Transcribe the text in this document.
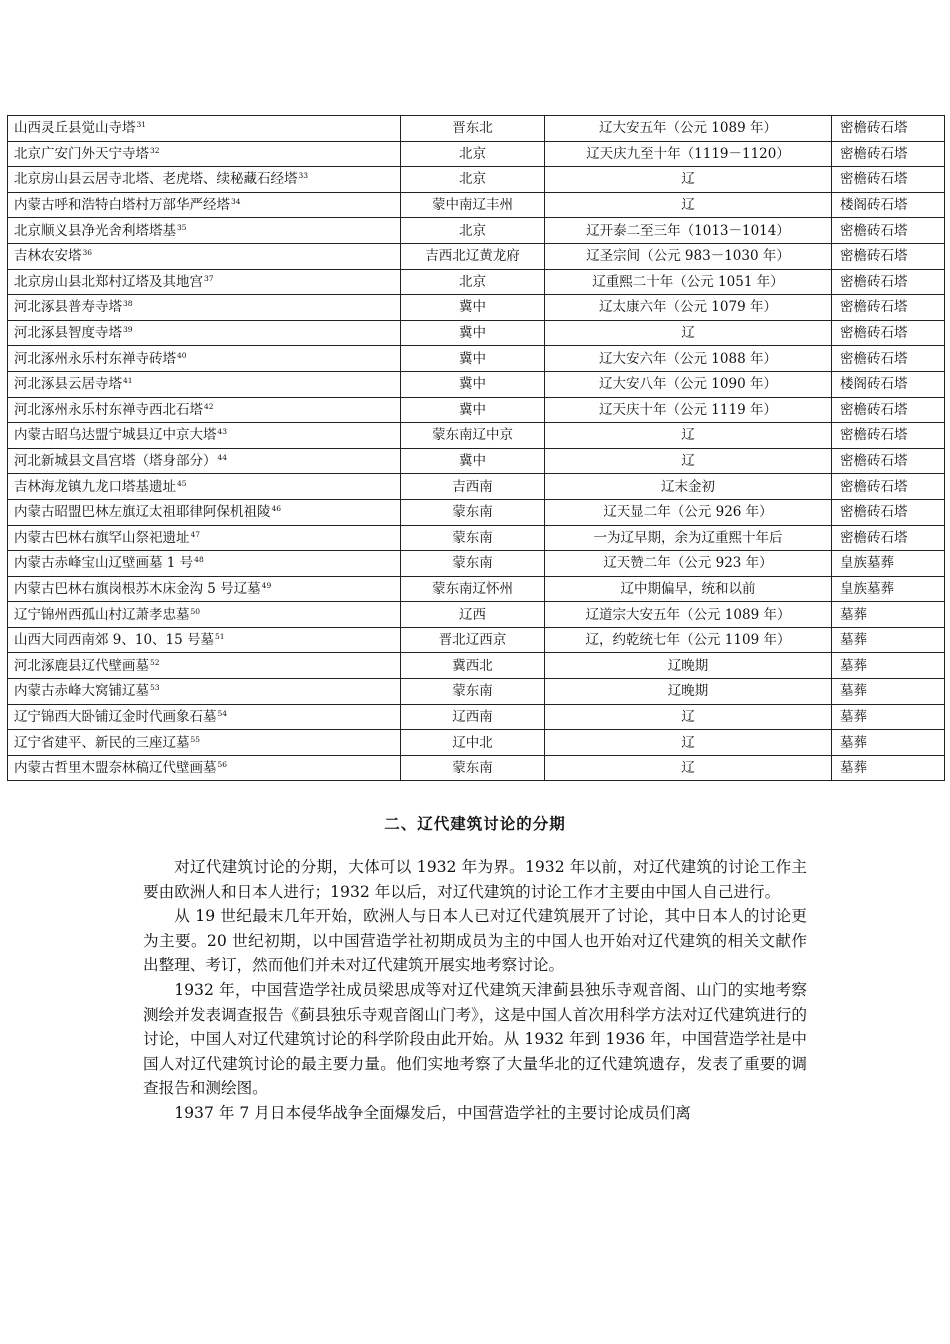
山西灵丘县觉山寺塔$^{31}$	晋东北	辽大安五年（公元 1089 年）	密檐砖石塔
北京广安门外天宁寺塔$^{32}$	北京	辽天庆九至十年（1119－1120）	密檐砖石塔
北京房山县云居寺北塔、老虎塔、续秘藏石经塔$^{33}$	北京	辽	密檐砖石塔
内蒙古呼和浩特白塔村万部华严经塔$^{34}$	蒙中南辽丰州	辽	楼阁砖石塔
北京顺义县净光舍利塔塔基$^{35}$	北京	辽开泰二至三年（1013－1014）	密檐砖石塔
吉林农安塔$^{36}$	吉西北辽黄龙府	辽圣宗间（公元 983－1030 年）	密檐砖石塔
北京房山县北郑村辽塔及其地宫$^{37}$	北京	辽重熙二十年（公元 1051 年）	密檐砖石塔
河北涿县普寿寺塔$^{38}$	冀中	辽太康六年（公元 1079 年）	密檐砖石塔
河北涿县智度寺塔$^{39}$	冀中	辽	密檐砖石塔
河北涿州永乐村东禅寺砖塔$^{40}$	冀中	辽大安六年（公元 1088 年）	密檐砖石塔
河北涿县云居寺塔$^{41}$	冀中	辽大安八年（公元 1090 年）	楼阁砖石塔
河北涿州永乐村东禅寺西北石塔$^{42}$	冀中	辽天庆十年（公元 1119 年）	密檐砖石塔
内蒙古昭乌达盟宁城县辽中京大塔$^{43}$	蒙东南辽中京	辽	密檐砖石塔
河北新城县文昌宫塔（塔身部分）$^{44}$	冀中	辽	密檐砖石塔
吉林海龙镇九龙口塔基遗址$^{45}$	吉西南	辽末金初	密檐砖石塔
内蒙古昭盟巴林左旗辽太祖耶律阿保机祖陵$^{46}$	蒙东南	辽天显二年（公元 926 年）	密檐砖石塔
内蒙古巴林右旗罕山祭祀遗址$^{47}$	蒙东南	一为辽早期，余为辽重熙十年后	密檐砖石塔
内蒙古赤峰宝山辽壁画墓 1 号$^{48}$	蒙东南	辽天赞二年（公元 923 年）	皇族墓葬
内蒙古巴林右旗岗根苏木床金沟 5 号辽墓$^{49}$	蒙东南辽怀州	辽中期偏早，统和以前	皇族墓葬
辽宁锦州西孤山村辽萧孝忠墓$^{50}$	辽西	辽道宗大安五年（公元 1089 年）	墓葬
山西大同西南郊 9、10、15 号墓$^{51}$	晋北辽西京	辽，约乾统七年（公元 1109 年）	墓葬
河北涿鹿县辽代壁画墓$^{52}$	冀西北	辽晚期	墓葬
内蒙古赤峰大窝铺辽墓$^{53}$	蒙东南	辽晚期	墓葬
辽宁锦西大卧铺辽金时代画象石墓$^{54}$	辽西南	辽	墓葬
辽宁省建平、新民的三座辽墓$^{55}$	辽中北	辽	墓葬
内蒙古哲里木盟奈林稿辽代壁画墓$^{56}$	蒙东南	辽	墓葬
二、辽代建筑讨论的分期

对辽代建筑讨论的分期，大体可以 1932 年为界。1932 年以前，对辽代建筑的讨论工作主要由欧洲人和日本人进行；1932 年以后，对辽代建筑的讨论工作才主要由中国人自己进行。

从 19 世纪最末几年开始，欧洲人与日本人已对辽代建筑展开了讨论，其中日本人的讨论更为主要。20 世纪初期，以中国营造学社初期成员为主的中国人也开始对辽代建筑的相关文献作出整理、考订，然而他们并未对辽代建筑开展实地考察讨论。

1932 年，中国营造学社成员梁思成等对辽代建筑天津蓟县独乐寺观音阁、山门的实地考察测绘并发表调查报告《蓟县独乐寺观音阁山门考》，这是中国人首次用科学方法对辽代建筑进行的讨论，中国人对辽代建筑讨论的科学阶段由此开始。从 1932 年到 1936 年，中国营造学社是中国人对辽代建筑讨论的最主要力量。他们实地考察了大量华北的辽代建筑遗存，发表了重要的调查报告和测绘图。

1937 年 7 月日本侵华战争全面爆发后，中国营造学社的主要讨论成员们离
